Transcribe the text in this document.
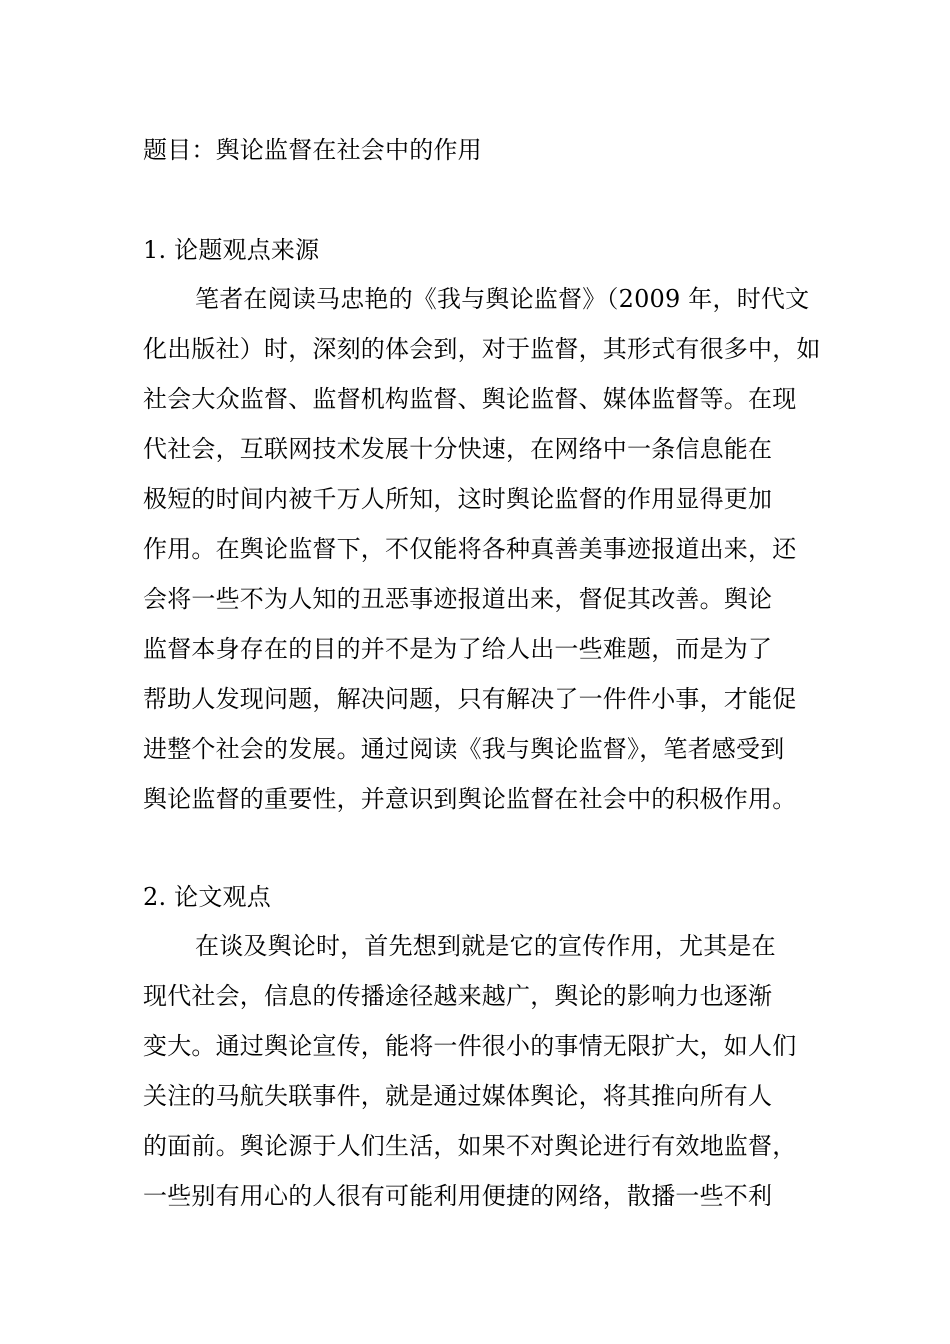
题目：舆论监督在社会中的作用

1. 论题观点来源

笔者在阅读马忠艳的《我与舆论监督》（2009 年，时代文

化出版社）时，深刻的体会到，对于监督，其形式有很多中，如

社会大众监督、监督机构监督、舆论监督、媒体监督等。在现

代社会，互联网技术发展十分快速，在网络中一条信息能在

极短的时间内被千万人所知，这时舆论监督的作用显得更加

作用。在舆论监督下，不仅能将各种真善美事迹报道出来，还

会将一些不为人知的丑恶事迹报道出来，督促其改善。舆论

监督本身存在的目的并不是为了给人出一些难题，而是为了

帮助人发现问题，解决问题，只有解决了一件件小事，才能促

进整个社会的发展。通过阅读《我与舆论监督》，笔者感受到

舆论监督的重要性，并意识到舆论监督在社会中的积极作用。

2. 论文观点

在谈及舆论时，首先想到就是它的宣传作用，尤其是在

现代社会，信息的传播途径越来越广，舆论的影响力也逐渐

变大。通过舆论宣传，能将一件很小的事情无限扩大，如人们

关注的马航失联事件，就是通过媒体舆论，将其推向所有人

的面前。舆论源于人们生活，如果不对舆论进行有效地监督，

一些别有用心的人很有可能利用便捷的网络，散播一些不利
